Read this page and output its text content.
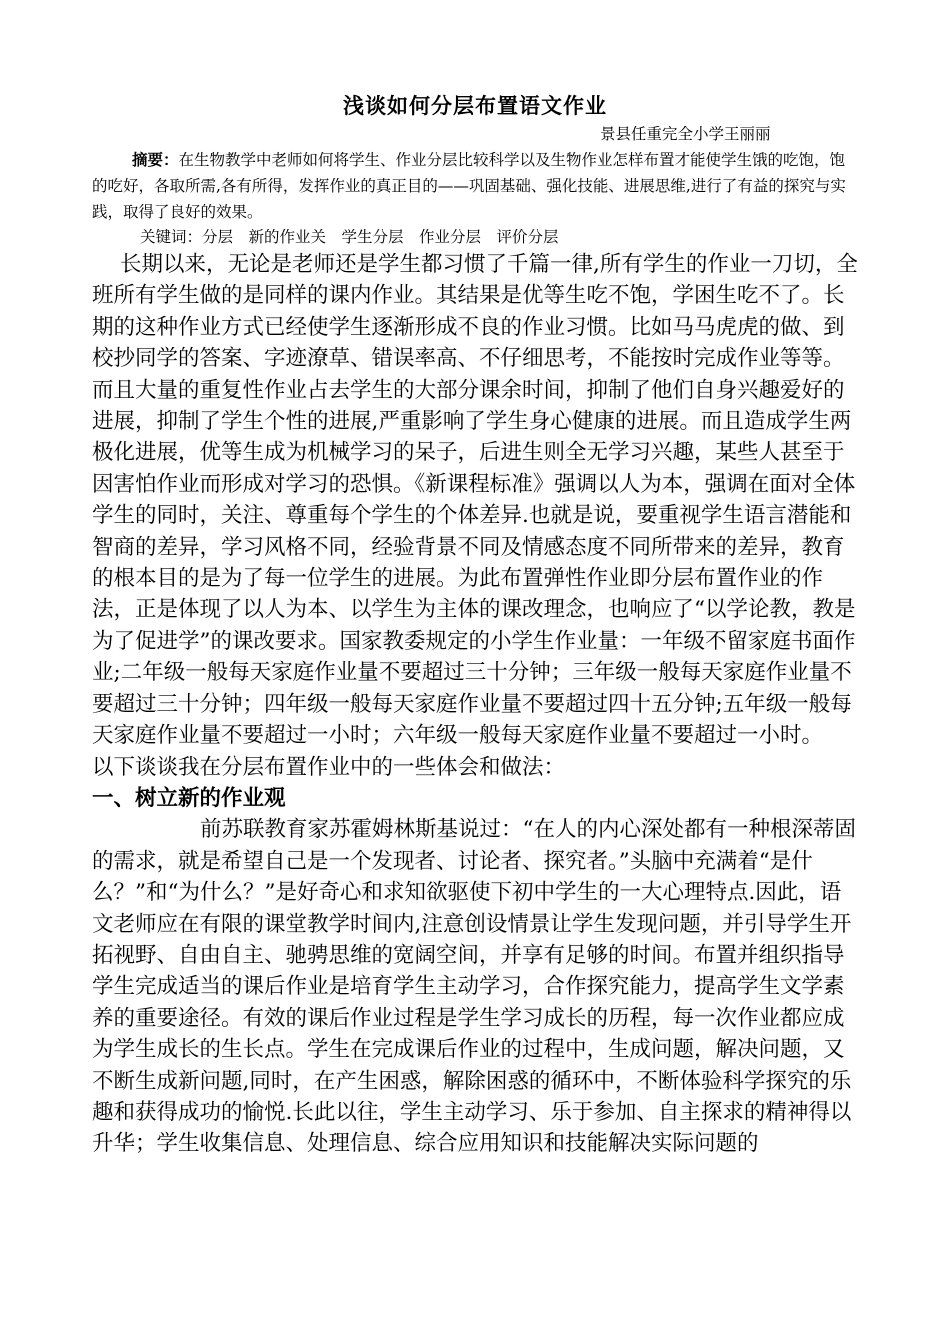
浅谈如何分层布置语文作业
景县任重完全小学王丽丽
摘要：在生物教学中老师如何将学生、作业分层比较科学以及生物作业怎样布置才能使学生饿的吃饱，饱的吃好，各取所需,各有所得，发挥作业的真正目的——巩固基础、强化技能、进展思维,进行了有益的探究与实践，取得了良好的效果。
关键词：分层　新的作业关　学生分层　作业分层　评价分层

长期以来，无论是老师还是学生都习惯了千篇一律,所有学生的作业一刀切，全班所有学生做的是同样的课内作业。其结果是优等生吃不饱，学困生吃不了。长期的这种作业方式已经使学生逐渐形成不良的作业习惯。比如马马虎虎的做、到校抄同学的答案、字迹潦草、错误率高、不仔细思考，不能按时完成作业等等。而且大量的重复性作业占去学生的大部分课余时间，抑制了他们自身兴趣爱好的进展，抑制了学生个性的进展,严重影响了学生身心健康的进展。而且造成学生两极化进展，优等生成为机械学习的呆子，后进生则全无学习兴趣，某些人甚至于因害怕作业而形成对学习的恐惧。《新课程标准》强调以人为本，强调在面对全体学生的同时，关注、尊重每个学生的个体差异.也就是说，要重视学生语言潜能和智商的差异，学习风格不同，经验背景不同及情感态度不同所带来的差异，教育的根本目的是为了每一位学生的进展。为此布置弹性作业即分层布置作业的作法，正是体现了以人为本、以学生为主体的课改理念，也响应了“以学论教，教是为了促进学”的课改要求。国家教委规定的小学生作业量：一年级不留家庭书面作业;二年级一般每天家庭作业量不要超过三十分钟；三年级一般每天家庭作业量不要超过三十分钟；四年级一般每天家庭作业量不要超过四十五分钟;五年级一般每天家庭作业量不要超过一小时；六年级一般每天家庭作业量不要超过一小时。

以下谈谈我在分层布置作业中的一些体会和做法：

一、树立新的作业观

前苏联教育家苏霍姆林斯基说过：“在人的内心深处都有一种根深蒂固的需求，就是希望自己是一个发现者、讨论者、探究者。”头脑中充满着“是什么？”和“为什么？”是好奇心和求知欲驱使下初中学生的一大心理特点.因此，语文老师应在有限的课堂教学时间内,注意创设情景让学生发现问题，并引导学生开拓视野、自由自主、驰骋思维的宽阔空间，并享有足够的时间。布置并组织指导学生完成适当的课后作业是培育学生主动学习，合作探究能力，提高学生文学素养的重要途径。有效的课后作业过程是学生学习成长的历程，每一次作业都应成为学生成长的生长点。学生在完成课后作业的过程中，生成问题，解决问题，又不断生成新问题,同时，在产生困惑，解除困惑的循环中，不断体验科学探究的乐趣和获得成功的愉悦.长此以往，学生主动学习、乐于参加、自主探求的精神得以升华；学生收集信息、处理信息、综合应用知识和技能解决实际问题的
